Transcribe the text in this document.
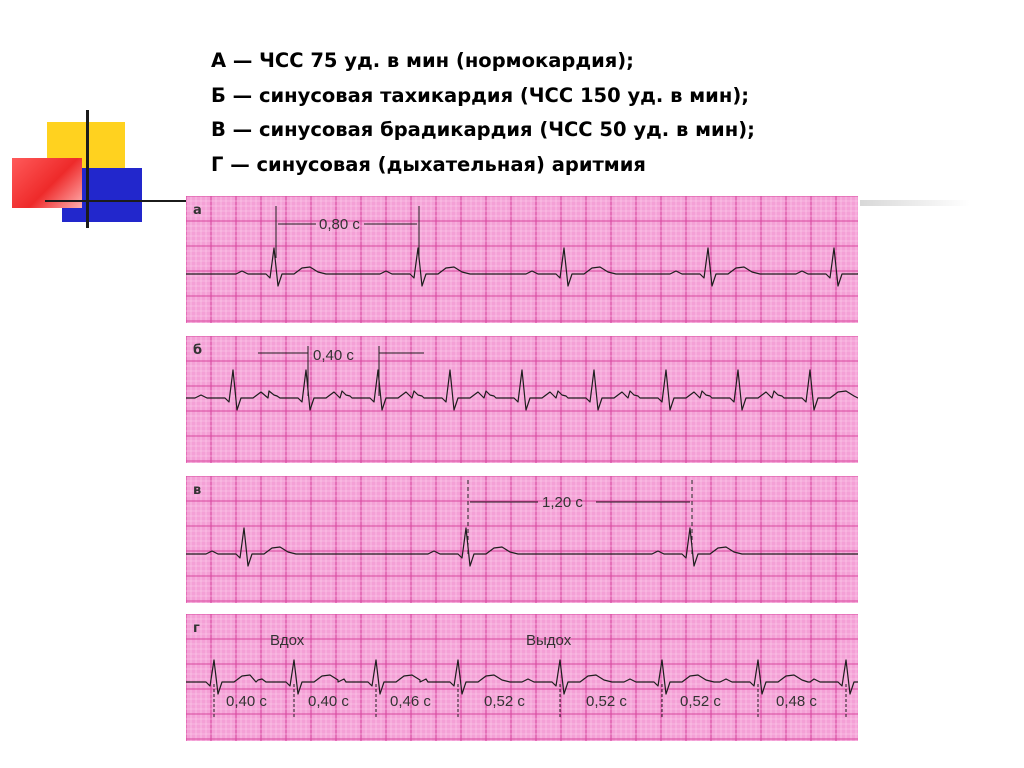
А — ЧСС 75 уд. в мин (нормокардия);
Б — синусовая тахикардия (ЧСС 150 уд. в мин);
В — синусовая брадикардия (ЧСС 50 уд. в мин);
Г — синусовая (дыхательная) аритмия
а
0,80 с
б	0,40 с
в
1,20 с
г
Вдох	Выдох
0,40 с	0,40 с	0,46 с	0,52 с	0,52 с	0,52 с	0,48 с
